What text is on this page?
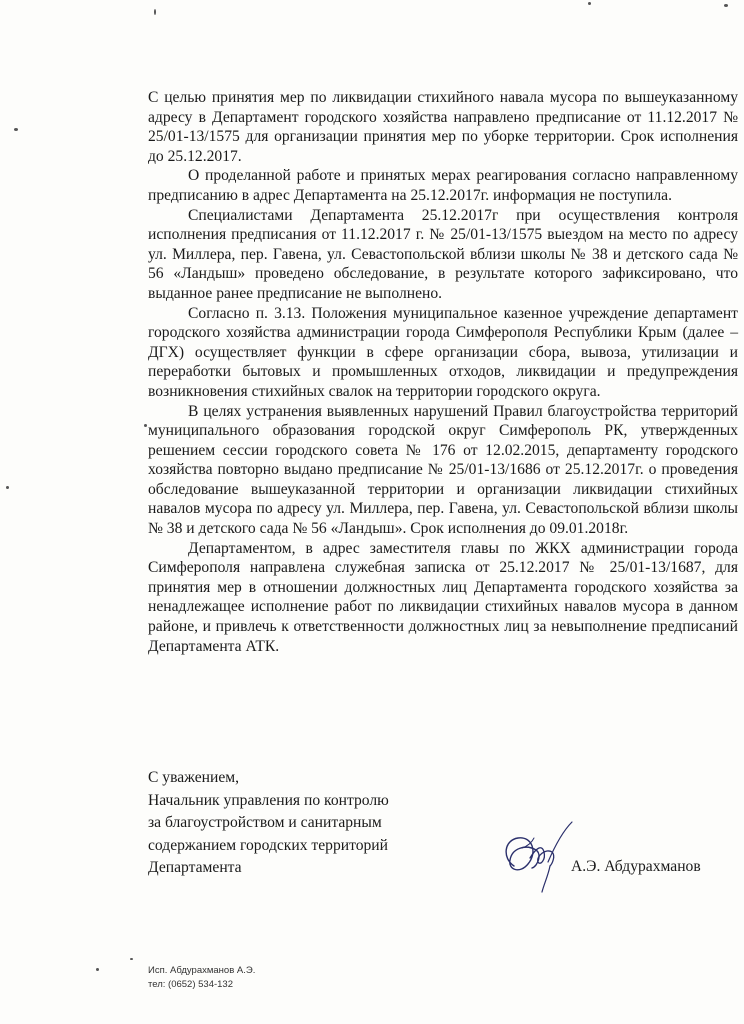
С целью принятия мер по ликвидации стихийного навала мусора по вышеуказанному адресу в Департамент городского хозяйства направлено предписание от 11.12.2017 № 25/01-13/1575 для организации принятия мер по уборке территории. Срок исполнения до 25.12.2017.

О проделанной работе и принятых мерах реагирования согласно направленному предписанию в адрес Департамента на 25.12.2017г. информация не поступила.

Специалистами Департамента 25.12.2017г при осуществления контроля исполнения предписания от 11.12.2017 г. № 25/01-13/1575 выездом на место по адресу ул. Миллера, пер. Гавена, ул. Севастопольской вблизи школы № 38 и детского сада № 56 «Ландыш» проведено обследование, в результате которого зафиксировано, что выданное ранее предписание не выполнено.

Согласно п. 3.13. Положения муниципальное казенное учреждение департамент городского хозяйства администрации города Симферополя Республики Крым (далее – ДГХ) осуществляет функции в сфере организации сбора, вывоза, утилизации и переработки бытовых и промышленных отходов, ликвидации и предупреждения возникновения стихийных свалок на территории городского округа.

В целях устранения выявленных нарушений Правил благоустройства территорий муниципального образования городской округ Симферополь РК, утвержденных решением сессии городского совета № 176 от 12.02.2015, департаменту городского хозяйства повторно выдано предписание № 25/01-13/1686 от 25.12.2017г. о проведения обследование вышеуказанной территории и организации ликвидации стихийных навалов мусора по адресу ул. Миллера, пер. Гавена, ул. Севастопольской вблизи школы № 38 и детского сада № 56 «Ландыш». Срок исполнения до 09.01.2018г.

Департаментом, в адрес заместителя главы по ЖКХ администрации города Симферополя направлена служебная записка от 25.12.2017 № 25/01-13/1687, для принятия мер в отношении должностных лиц Департамента городского хозяйства за ненадлежащее исполнение работ по ликвидации стихийных навалов мусора в данном районе, и привлечь к ответственности должностных лиц за невыполнение предписаний Департамента АТК.

С уважением,
Начальник управления по контролю
за благоустройством и санитарным
содержанием городских территорий
Департамента	А.Э. Абдурахманов
Исп. Абдурахманов А.Э.
тел: (0652) 534-132
